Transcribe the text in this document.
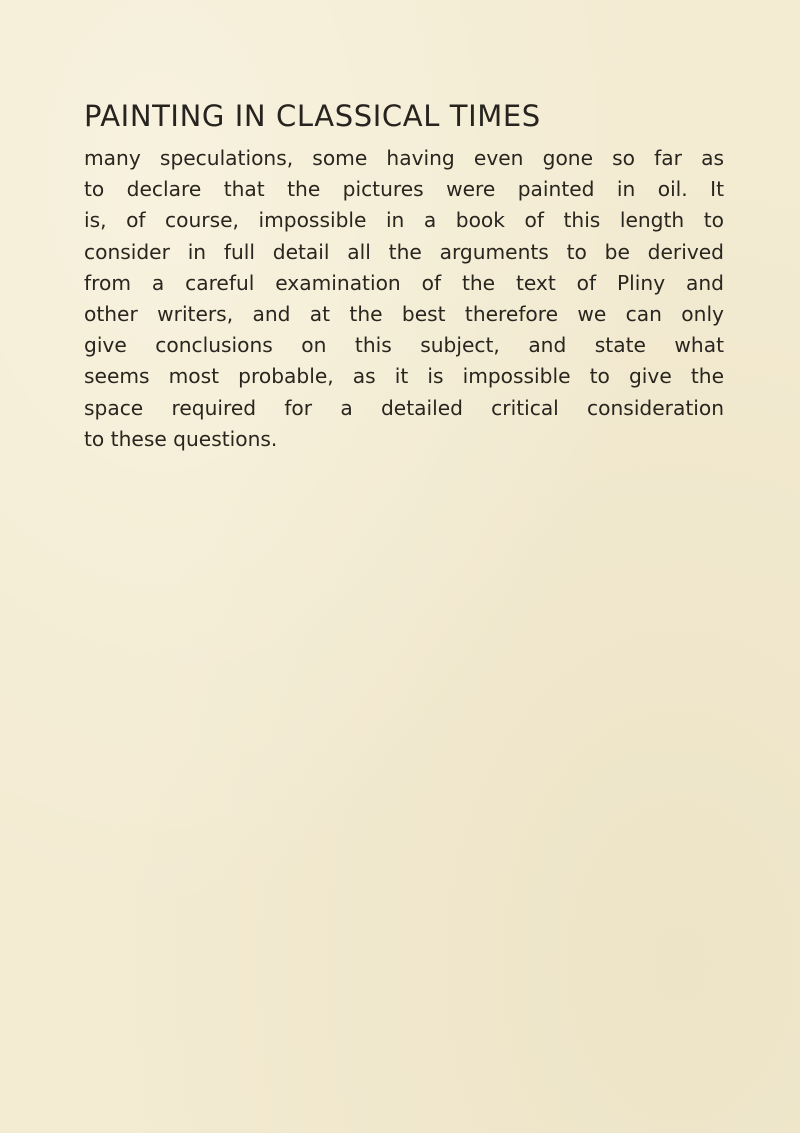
PAINTING IN CLASSICAL TIMES
many speculations, some having even gone so far as
to declare that the pictures were painted in oil. It
is, of course, impossible in a book of this length to
consider in full detail all the arguments to be derived
from a careful examination of the text of Pliny and
other writers, and at the best therefore we can only
give conclusions on this subject, and state what
seems most probable, as it is impossible to give the
space required for a detailed critical consideration
to these questions.
